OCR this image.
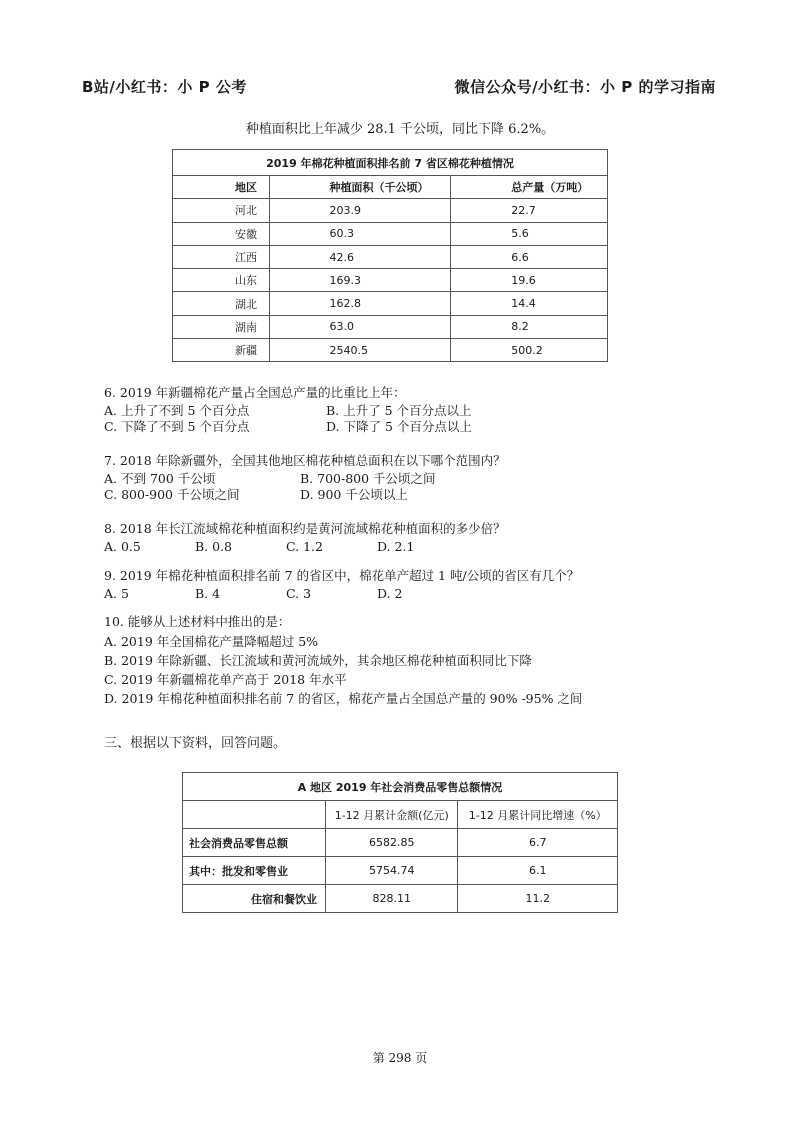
B站/小红书：小 P 公考	微信公众号/小红书：小 P 的学习指南
种植面积比上年减少 28.1 千公顷，同比下降 6.2%。
2019 年棉花种植面积排名前 7 省区棉花种植情况		
地区	种植面积（千公顷）	总产量（万吨）
河北	203.9	22.7
安徽	60.3	5.6
江西	42.6	6.6
山东	169.3	19.6
湖北	162.8	14.4
湖南	63.0	8.2
新疆	2540.5	500.2
6. 2019 年新疆棉花产量占全国总产量的比重比上年：
A. 上升了不到 5 个百分点	B. 上升了 5 个百分点以上
C. 下降了不到 5 个百分点	D. 下降了 5 个百分点以上
7. 2018 年除新疆外，全国其他地区棉花种植总面积在以下哪个范围内？
A. 不到 700 千公顷	B. 700-800 千公顷之间
C. 800-900 千公顷之间	D. 900 千公顷以上
8. 2018 年长江流域棉花种植面积约是黄河流域棉花种植面积的多少倍？
A. 0.5	B. 0.8	C. 1.2	D. 2.1
9. 2019 年棉花种植面积排名前 7 的省区中，棉花单产超过 1 吨/公顷的省区有几个？
A. 5	B. 4	C. 3	D. 2
10. 能够从上述材料中推出的是：
A. 2019 年全国棉花产量降幅超过 5%
B. 2019 年除新疆、长江流域和黄河流域外，其余地区棉花种植面积同比下降
C. 2019 年新疆棉花单产高于 2018 年水平
D. 2019 年棉花种植面积排名前 7 的省区，棉花产量占全国总产量的 90% -95% 之间
三、根据以下资料，回答问题。
A 地区 2019 年社会消费品零售总额情况		
	1-12 月累计金额(亿元)	1-12 月累计同比增速（%）
社会消费品零售总额	6582.85	6.7
其中：批发和零售业	5754.74	6.1
住宿和餐饮业	828.11	11.2
第 298 页
